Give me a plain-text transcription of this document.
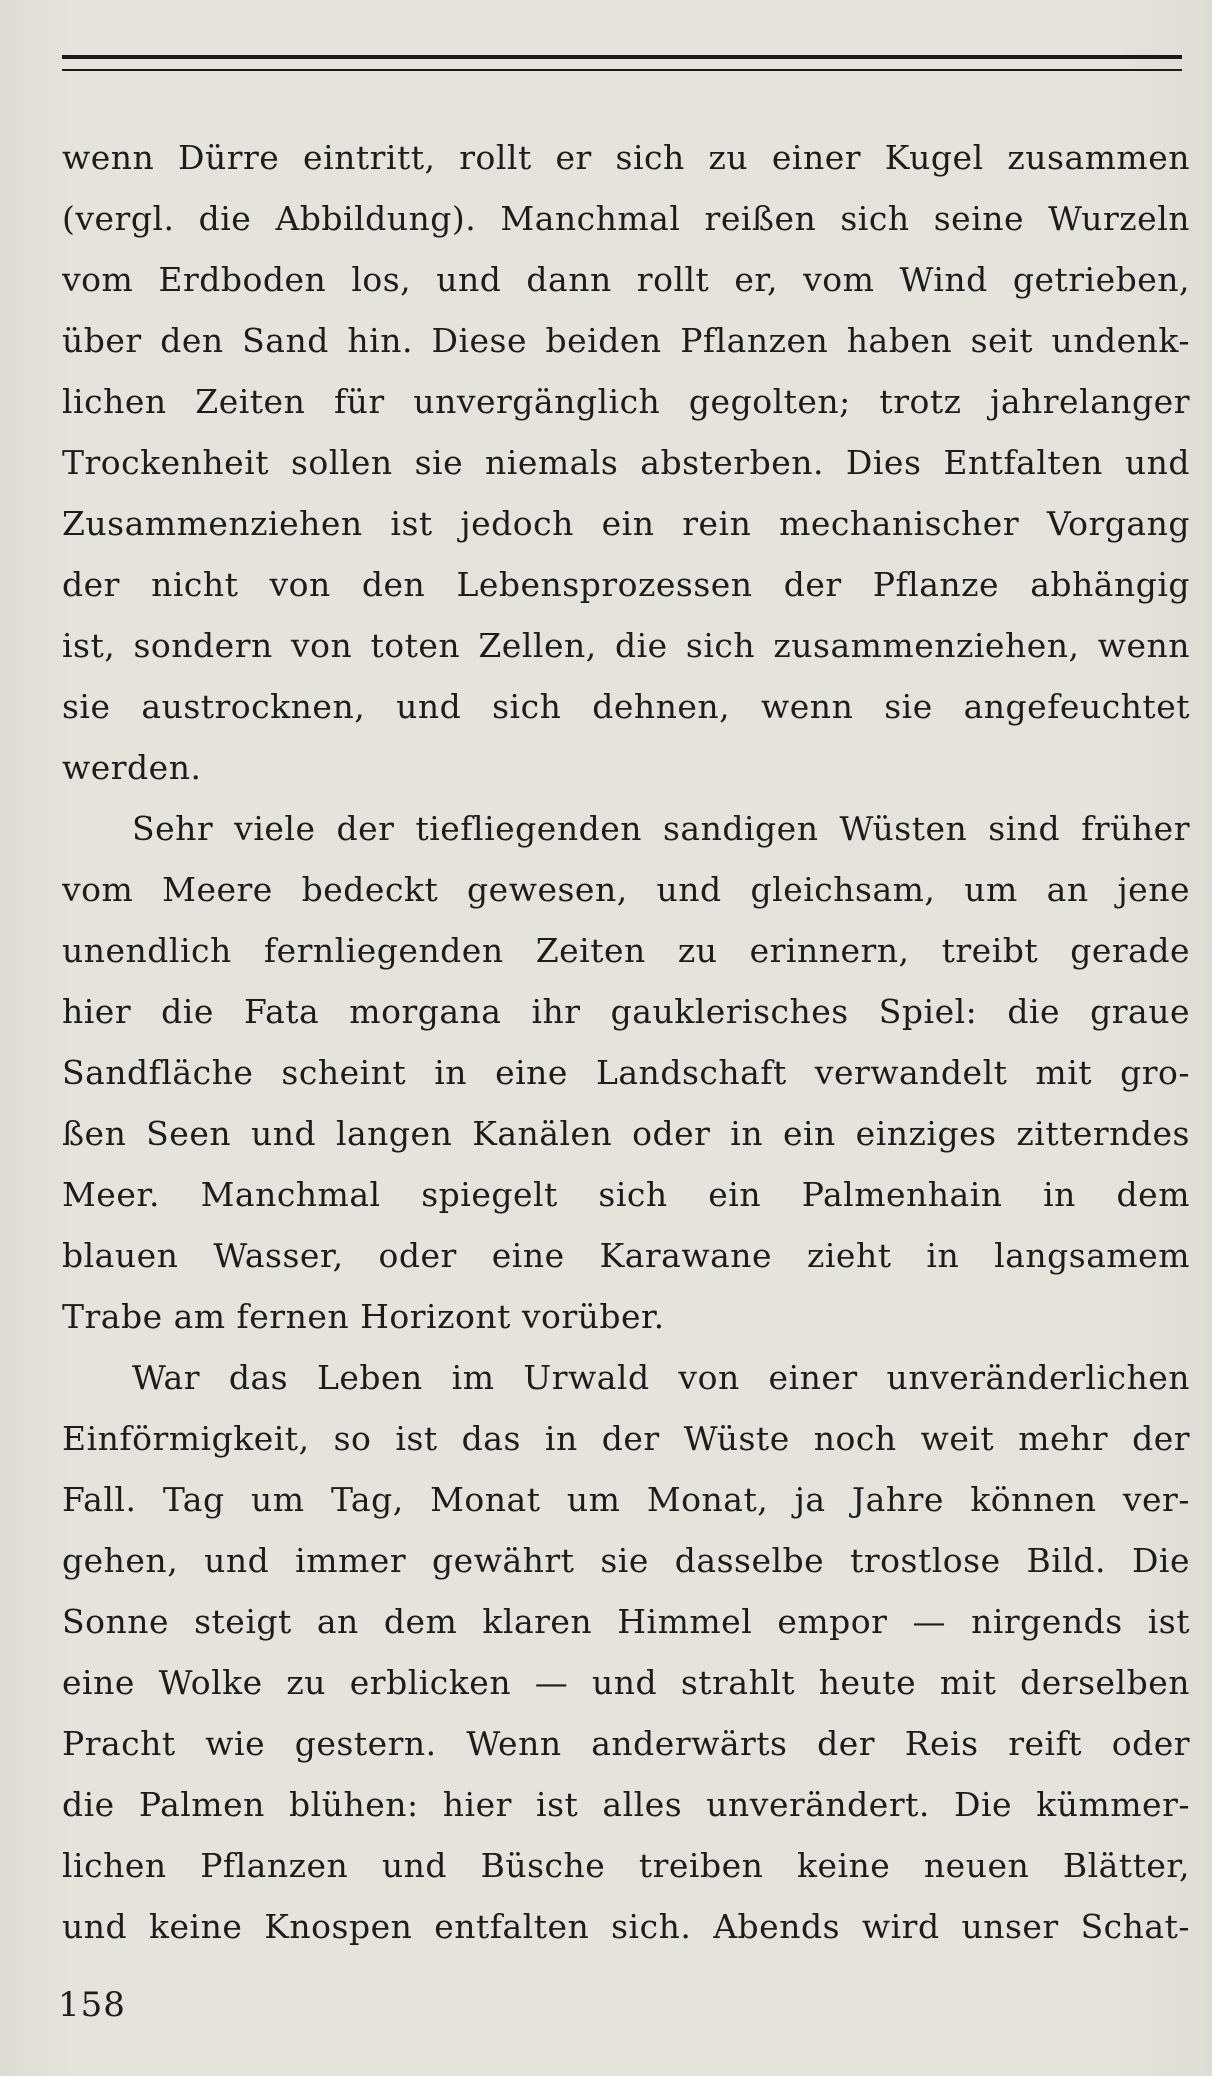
wenn Dürre eintritt, rollt er sich zu einer Kugel zusammen
(vergl. die Abbildung). Manchmal reißen sich seine Wurzeln
vom Erdboden los, und dann rollt er, vom Wind getrieben,
über den Sand hin. Diese beiden Pflanzen haben seit undenk-
lichen Zeiten für unvergänglich gegolten; trotz jahrelanger
Trockenheit sollen sie niemals absterben. Dies Entfalten und
Zusammenziehen ist jedoch ein rein mechanischer Vorgang
der nicht von den Lebensprozessen der Pflanze abhängig
ist, sondern von toten Zellen, die sich zusammenziehen, wenn
sie austrocknen, und sich dehnen, wenn sie angefeuchtet
werden.
Sehr viele der tiefliegenden sandigen Wüsten sind früher
vom Meere bedeckt gewesen, und gleichsam, um an jene
unendlich fernliegenden Zeiten zu erinnern, treibt gerade
hier die Fata morgana ihr gauklerisches Spiel: die graue
Sandfläche scheint in eine Landschaft verwandelt mit gro-
ßen Seen und langen Kanälen oder in ein einziges zitterndes
Meer. Manchmal spiegelt sich ein Palmenhain in dem
blauen Wasser, oder eine Karawane zieht in langsamem
Trabe am fernen Horizont vorüber.
War das Leben im Urwald von einer unveränderlichen
Einförmigkeit, so ist das in der Wüste noch weit mehr der
Fall. Tag um Tag, Monat um Monat, ja Jahre können ver-
gehen, und immer gewährt sie dasselbe trostlose Bild. Die
Sonne steigt an dem klaren Himmel empor — nirgends ist
eine Wolke zu erblicken — und strahlt heute mit derselben
Pracht wie gestern. Wenn anderwärts der Reis reift oder
die Palmen blühen: hier ist alles unverändert. Die kümmer-
lichen Pflanzen und Büsche treiben keine neuen Blätter,
und keine Knospen entfalten sich. Abends wird unser Schat-
158
